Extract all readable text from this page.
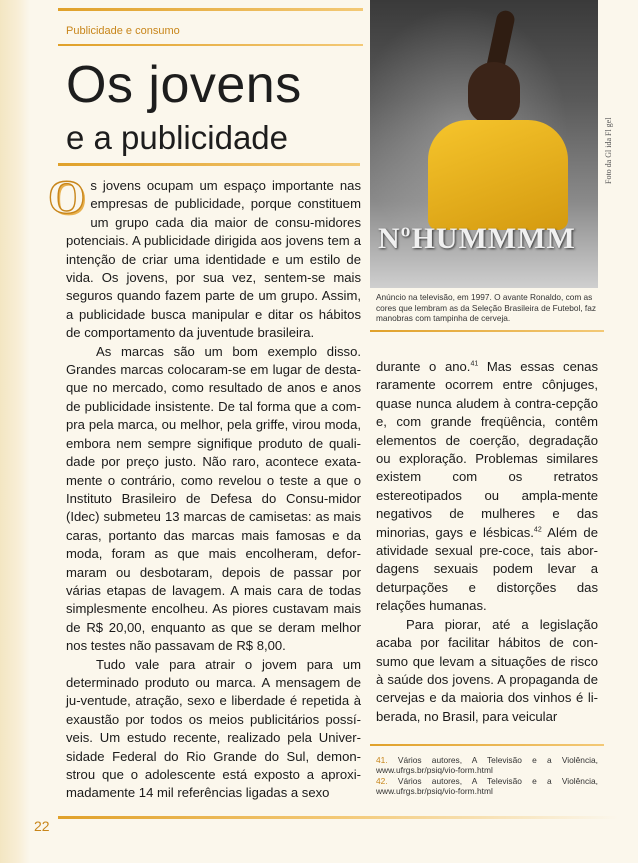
Publicidade e consumo
Os jovens
e a publicidade

Os jovens ocupam um espaço importante nas empresas de publicidade, porque constituem um grupo cada dia maior de consu-midores potenciais. A publicidade dirigida aos jovens tem a intenção de criar uma identidade e um estilo de vida. Os jovens, por sua vez, sentem-se mais seguros quando fazem parte de um grupo. Assim, a publicidade busca manipular e ditar os hábitos de comportamento da juventude brasileira.

As marcas são um bom exemplo disso. Grandes marcas colocaram-se em lugar de desta-que no mercado, como resultado de anos e anos de publicidade insistente. De tal forma que a com-pra pela marca, ou melhor, pela griffe, virou moda, embora nem sempre signifique produto de quali-dade por preço justo. Não raro, acontece exata-mente o contrário, como revelou o teste a que o Instituto Brasileiro de Defesa do Consu-midor (Idec) submeteu 13 marcas de camisetas: as mais caras, portanto das marcas mais famosas e da moda, foram as que mais encolheram, defor-maram ou desbotaram, depois de passar por várias etapas de lavagem. A mais cara de todas simplesmente encolheu. As piores custavam mais de R$ 20,00, enquanto as que se deram melhor nos testes não passavam de R$ 8,00.

Tudo vale para atrair o jovem para um determinado produto ou marca. A mensagem de ju-ventude, atração, sexo e liberdade é repetida à exaustão por todos os meios publicitários possí-veis. Um estudo recente, realizado pela Univer-sidade Federal do Rio Grande do Sul, demon-strou que o adolescente está exposto a aproxi-madamente 14 mil referências ligadas a sexo

NºHUMMMM
Foto da Gl ida Fl gel
Anúncio na televisão, em 1997. O avante Ronaldo, com as cores que lembram as da Seleção Brasileira de Futebol, faz manobras com tampinha de cerveja.

durante o ano.$^{41}$ Mas essas cenas raramente ocorrem entre cônjuges, quase nunca aludem à contra-cepção e, com grande freqüência, contêm elementos de coerção, degradação ou exploração. Problemas similares existem com os retratos estereotipados ou ampla-mente negativos de mulheres e das minorias, gays e lésbicas.$^{42}$ Além de atividade sexual pre-coce, tais abor-dagens sexuais podem levar a deturpações e distorções das relações humanas.

Para piorar, até a legislação acaba por facilitar hábitos de con-sumo que levam a situações de risco à saúde dos jovens. A propaganda de cervejas e da maioria dos vinhos é li-berada, no Brasil, para veicular

41. Vários autores, A Televisão e a Violência, www.ufrgs.br/psiq/vio-form.html

42. Vários autores, A Televisão e a Violência, www.ufrgs.br/psiq/vio-form.html

22
